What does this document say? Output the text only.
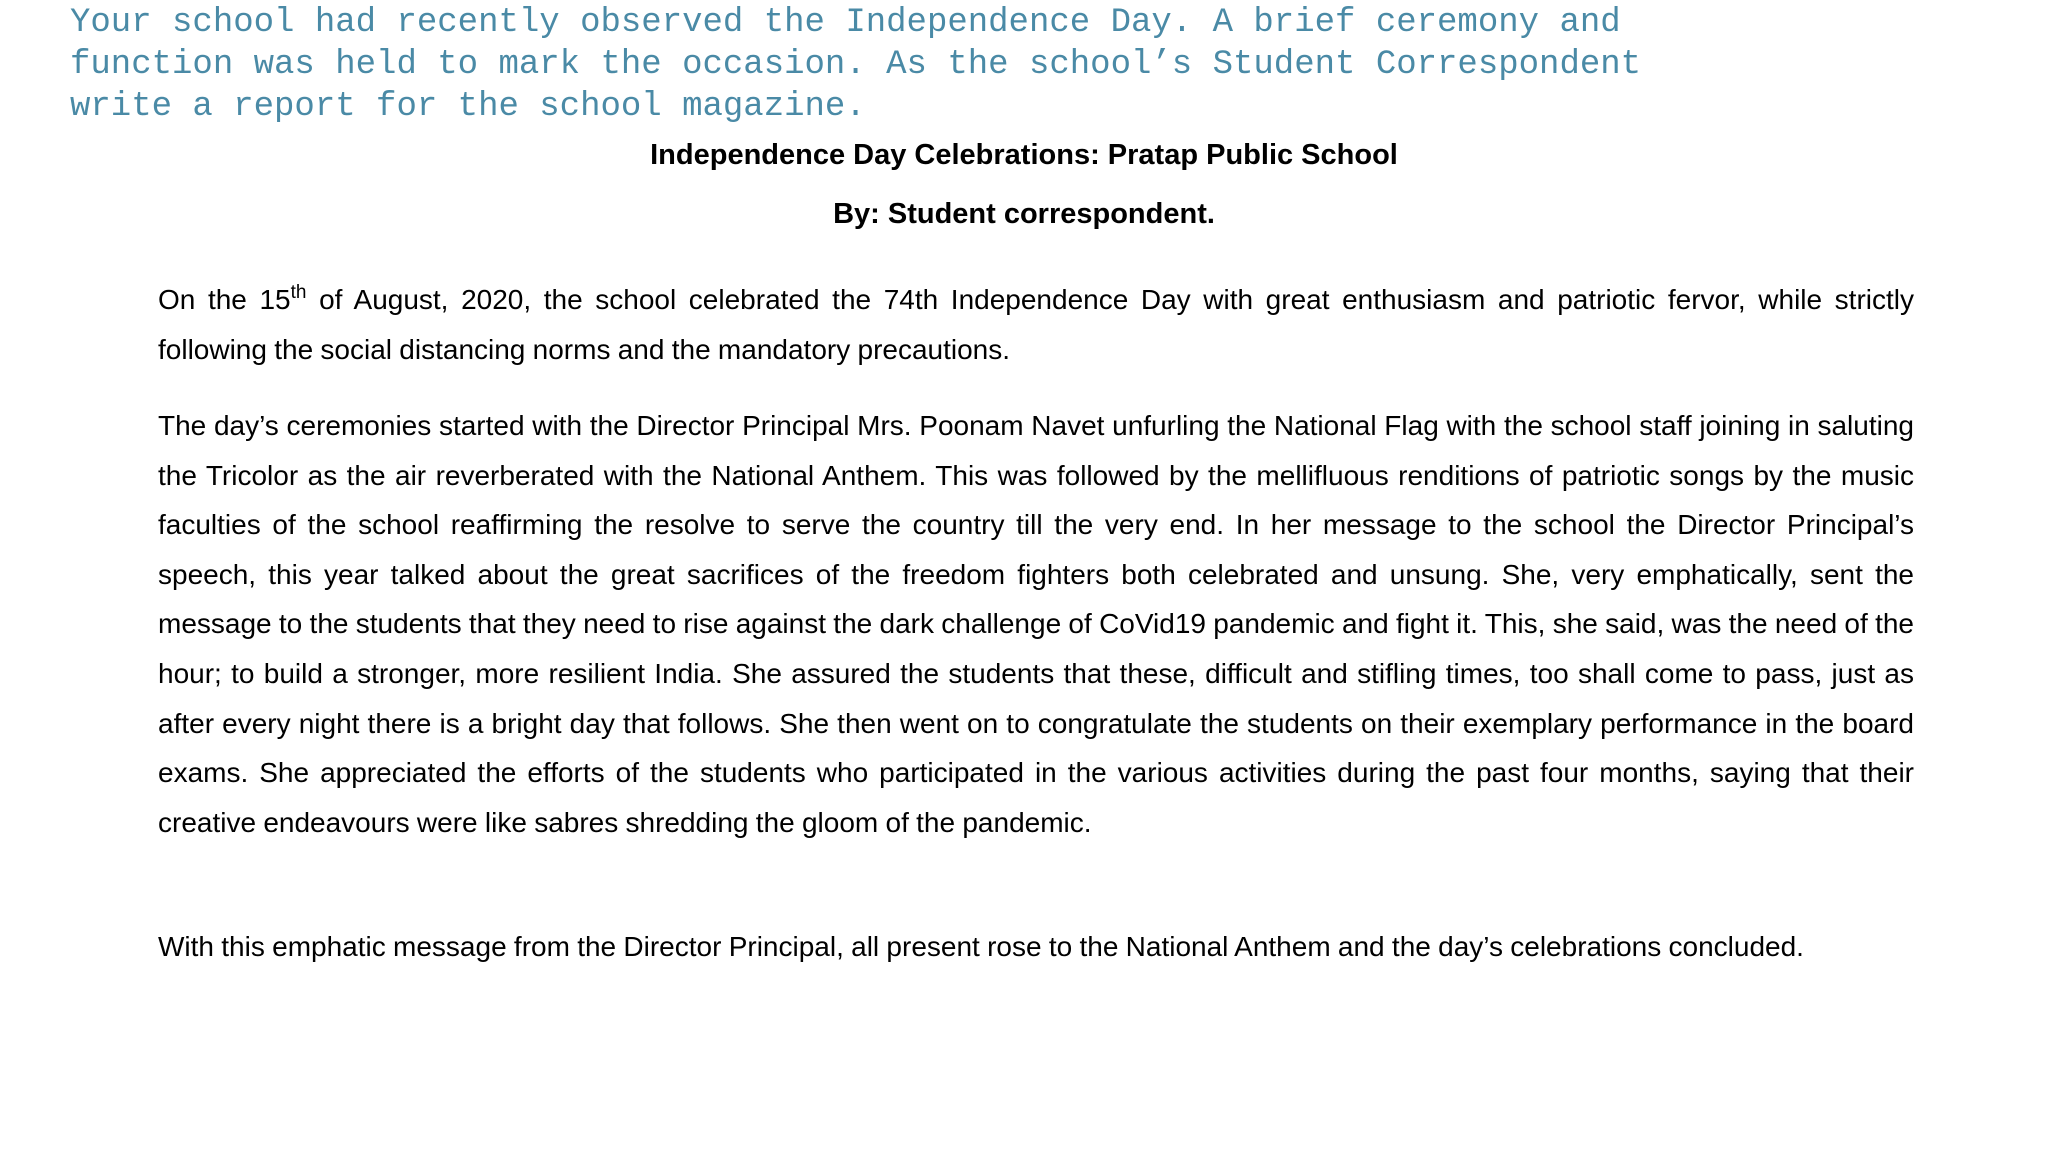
Your school had recently observed the Independence Day. A brief ceremony and
function was held to mark the occasion. As the school’s Student Correspondent
write a report for the school magazine.
Independence Day Celebrations: Pratap Public School

By: Student correspondent.

On the 15th of August, 2020, the school celebrated the 74th Independence Day with great enthusiasm and patriotic fervor, while strictly following the social distancing norms and the mandatory precautions.

The day’s ceremonies started with the Director Principal Mrs. Poonam Navet unfurling the National Flag with the school staff joining in saluting the Tricolor as the air reverberated with the National Anthem. This was followed by the mellifluous renditions of patriotic songs by the music faculties of the school reaffirming the resolve to serve the country till the very end. In her message to the school the Director Principal’s speech, this year talked about the great sacrifices of the freedom fighters both celebrated and unsung. She, very emphatically, sent the message to the students that they need to rise against the dark challenge of CoVid19 pandemic and fight it. This, she said, was the need of the hour; to build a stronger, more resilient India. She assured the students that these, difficult and stifling times, too shall come to pass, just as after every night there is a bright day that follows. She then went on to congratulate the students on their exemplary performance in the board exams. She appreciated the efforts of the students who participated in the various activities during the past four months, saying that their creative endeavours were like sabres shredding the gloom of the pandemic.

With this emphatic message from the Director Principal, all present rose to the National Anthem and the day’s celebrations concluded.
